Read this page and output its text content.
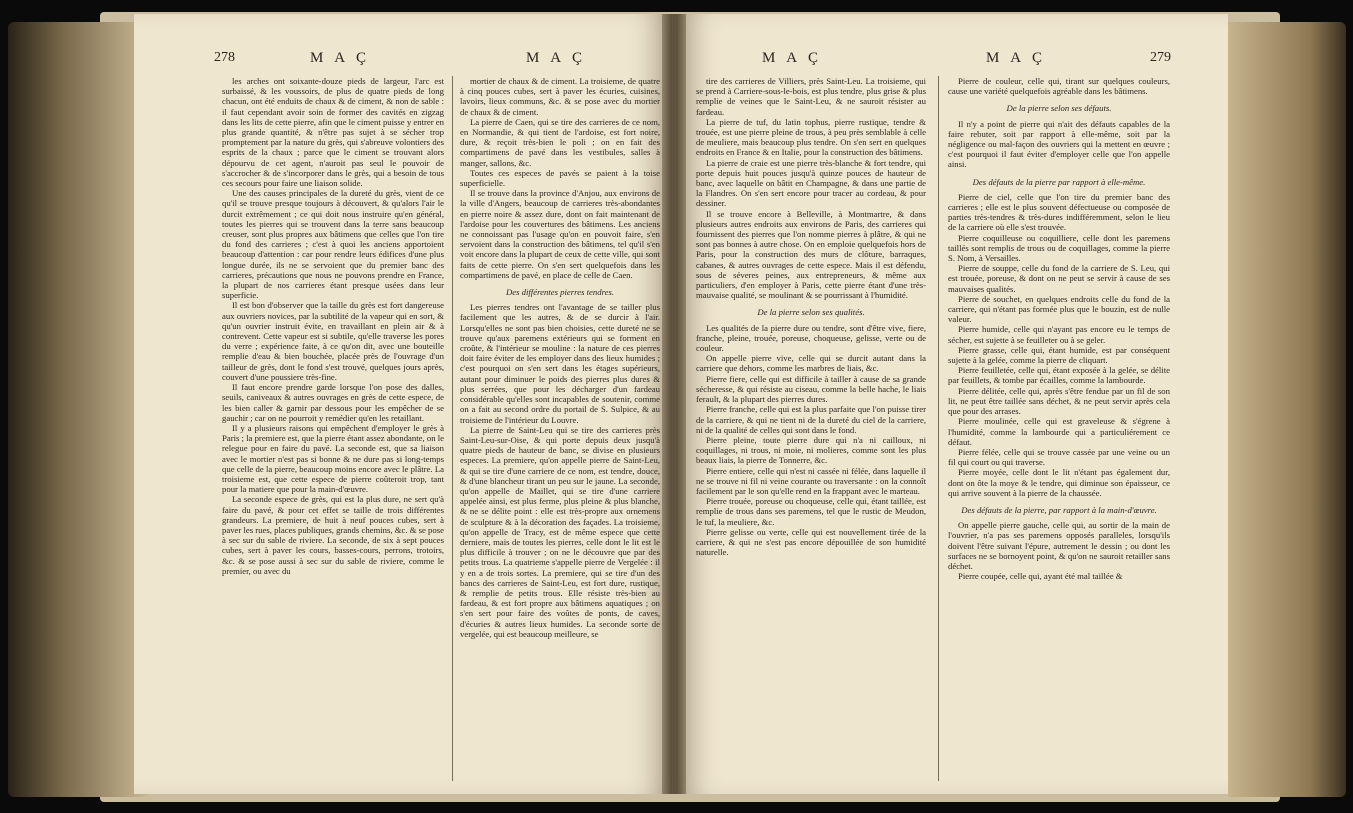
278	M A Ç	M A Ç

les arches ont soixante-douze pieds de largeur, l'arc est surbaissé, & les voussoirs, de plus de quatre pieds de long chacun, ont été enduits de chaux & de ciment, & non de sable : il faut cependant avoir soin de former des cavités en zigzag dans les lits de cette pierre, afin que le ciment puisse y entrer en plus grande quantité, & n'être pas sujet à se sécher trop promptement par la nature du grès, qui s'abreuve volontiers des esprits de la chaux ; parce que le ciment se trouvant alors dépourvu de cet agent, n'auroit pas seul le pouvoir de s'accrocher & de s'incorporer dans le grès, qui a besoin de tous ces secours pour faire une liaison solide.

Une des causes principales de la dureté du grès, vient de ce qu'il se trouve presque toujours à découvert, & qu'alors l'air le durcit extrêmement ; ce qui doit nous instruire qu'en général, toutes les pierres qui se trouvent dans la terre sans beaucoup creuser, sont plus propres aux bâtimens que celles que l'on tire du fond des carrieres ; c'est à quoi les anciens apportoient beaucoup d'attention : car pour rendre leurs édifices d'une plus longue durée, ils ne se servoient que du premier banc des carrieres, précautions que nous ne pouvons prendre en France, la plupart de nos carrieres étant presque usées dans leur superficie.

Il est bon d'observer que la taille du grès est fort dangereuse aux ouvriers novices, par la subtilité de la vapeur qui en sort, & qu'un ouvrier instruit évite, en travaillant en plein air & à contrevent. Cette vapeur est si subtile, qu'elle traverse les pores du verre ; expérience faite, à ce qu'on dit, avec une bouteille remplie d'eau & bien bouchée, placée près de l'ouvrage d'un tailleur de grès, dont le fond s'est trouvé, quelques jours après, couvert d'une poussiere très-fine.

Il faut encore prendre garde lorsque l'on pose des dalles, seuils, caniveaux & autres ouvrages en grès de cette espece, de les bien caller & garnir par dessous pour les empêcher de se gauchir ; car on ne pourroit y remédier qu'en les retaillant.

Il y a plusieurs raisons qui empêchent d'employer le grès à Paris ; la premiere est, que la pierre étant assez abondante, on le relegue pour en faire du pavé. La seconde est, que sa liaison avec le mortier n'est pas si bonne & ne dure pas si long-temps que celle de la pierre, beaucoup moins encore avec le plâtre. La troisieme est, que cette espece de pierre coûteroit trop, tant pour la matiere que pour la main-d'œuvre.

La seconde espece de grès, qui est la plus dure, ne sert qu'à faire du pavé, & pour cet effet se taille de trois différentes grandeurs. La premiere, de huit à neuf pouces cubes, sert à paver les rues, places publiques, grands chemins, &c. & se pose à sec sur du sable de riviere. La seconde, de six à sept pouces cubes, sert à paver les cours, basses-cours, perrons, trotoirs, &c. & se pose aussi à sec sur du sable de riviere, comme le premier, ou avec du

mortier de chaux & de ciment. La troisieme, de quatre à cinq pouces cubes, sert à paver les écuries, cuisines, lavoirs, lieux communs, &c. & se pose avec du mortier de chaux & de ciment.

La pierre de Caen, qui se tire des carrieres de ce nom, en Normandie, & qui tient de l'ardoise, est fort noire, dure, & reçoit très-bien le poli ; on en fait des compartimens de pavé dans les vestibules, salles à manger, sallons, &c.

Toutes ces especes de pavés se paient à la toise superficielle.

Il se trouve dans la province d'Anjou, aux environs de la ville d'Angers, beaucoup de carrieres très-abondantes en pierre noire & assez dure, dont on fait maintenant de l'ardoise pour les couvertures des bâtimens. Les anciens ne connoissant pas l'usage qu'on en pouvoit faire, s'en servoient dans la construction des bâtimens, tel qu'il s'en voit encore dans la plupart de ceux de cette ville, qui sont faits de cette pierre. On s'en sert quelquefois dans les compartimens de pavé, en place de celle de Caen.

Des différentes pierres tendres.

Les pierres tendres ont l'avantage de se tailler plus facilement que les autres, & de se durcir à l'air. Lorsqu'elles ne sont pas bien choisies, cette dureté ne se trouve qu'aux paremens extérieurs qui se forment en croûte, & l'intérieur se mouline : la nature de ces pierres doit faire éviter de les employer dans des lieux humides ; c'est pourquoi on s'en sert dans les étages supérieurs, autant pour diminuer le poids des pierres plus dures & plus serrées, que pour les décharger d'un fardeau considérable qu'elles sont incapables de soutenir, comme on a fait au second ordre du portail de S. Sulpice, & au troisieme de l'intérieur du Louvre.

La pierre de Saint-Leu qui se tire des carrieres près Saint-Leu-sur-Oise, & qui porte depuis deux jusqu'à quatre pieds de hauteur de banc, se divise en plusieurs especes. La premiere, qu'on appelle pierre de Saint-Leu, & qui se tire d'une carriere de ce nom, est tendre, douce, & d'une blancheur tirant un peu sur le jaune. La seconde, qu'on appelle de Maillet, qui se tire d'une carriere appelée ainsi, est plus ferme, plus pleine & plus blanche, & ne se délite point : elle est très-propre aux ornemens de sculpture & à la décoration des façades. La troisieme, qu'on appelle de Tracy, est de même espece que cette derniere, mais de toutes les pierres, celle dont le lit est le plus difficile à trouver ; on ne le découvre que par des petits trous. La quatrieme s'appelle pierre de Vergelée : il y en a de trois sortes. La premiere, qui se tire d'un des bancs des carrieres de Saint-Leu, est fort dure, rustique, & remplie de petits trous. Elle résiste très-bien au fardeau, & est fort propre aux bâtimens aquatiques ; on s'en sert pour faire des voûtes de ponts, de caves, d'écuries & autres lieux humides. La seconde sorte de vergelée, qui est beaucoup meilleure, se

M A Ç	M A Ç	279

tire des carrieres de Villiers, près Saint-Leu. La troisieme, qui se prend à Carriere-sous-le-bois, est plus tendre, plus grise & plus remplie de veines que le Saint-Leu, & ne sauroit résister au fardeau.

La pierre de tuf, du latin tophus, pierre rustique, tendre & trouée, est une pierre pleine de trous, à peu près semblable à celle de meuliere, mais beaucoup plus tendre. On s'en sert en quelques endroits en France & en Italie, pour la construction des bâtimens.

La pierre de craie est une pierre très-blanche & fort tendre, qui porte depuis huit pouces jusqu'à quinze pouces de hauteur de banc, avec laquelle on bâtit en Champagne, & dans une partie de la Flandres. On s'en sert encore pour tracer au cordeau, & pour dessiner.

Il se trouve encore à Belleville, à Montmartre, & dans plusieurs autres endroits aux environs de Paris, des carrieres qui fournissent des pierres que l'on nomme pierres à plâtre, & qui ne sont pas bonnes à autre chose. On en emploie quelquefois hors de Paris, pour la construction des murs de clôture, barraques, cabanes, & autres ouvrages de cette espece. Mais il est défendu, sous de séveres peines, aux entrepreneurs, & même aux particuliers, d'en employer à Paris, cette pierre étant d'une très-mauvaise qualité, se moulinant & se pourrissant à l'humidité.

De la pierre selon ses qualités.

Les qualités de la pierre dure ou tendre, sont d'être vive, fiere, franche, pleine, trouée, poreuse, choqueuse, gelisse, verte ou de couleur.

On appelle pierre vive, celle qui se durcit autant dans la carriere que dehors, comme les marbres de liais, &c.

Pierre fiere, celle qui est difficile à tailler à cause de sa grande sécheresse, & qui résiste au ciseau, comme la belle hache, le liais ferault, & la plupart des pierres dures.

Pierre franche, celle qui est la plus parfaite que l'on puisse tirer de la carriere, & qui ne tient ni de la dureté du ciel de la carriere, ni de la qualité de celles qui sont dans le fond.

Pierre pleine, toute pierre dure qui n'a ni cailloux, ni coquillages, ni trous, ni moie, ni molieres, comme sont les plus beaux liais, la pierre de Tonnerre, &c.

Pierre entiere, celle qui n'est ni cassée ni félée, dans laquelle il ne se trouve ni fil ni veine courante ou traversante : on la connoît facilement par le son qu'elle rend en la frappant avec le marteau.

Pierre trouée, poreuse ou choqueuse, celle qui, étant taillée, est remplie de trous dans ses paremens, tel que le rustic de Meudon, le tuf, la meuliere, &c.

Pierre gelisse ou verte, celle qui est nouvellement tirée de la carriere, & qui ne s'est pas encore dépouillée de son humidité naturelle.

Pierre de couleur, celle qui, tirant sur quelques couleurs, cause une variété quelquefois agréable dans les bâtimens.

De la pierre selon ses défauts.

Il n'y a point de pierre qui n'ait des défauts capables de la faire rebuter, soit par rapport à elle-même, soit par la négligence ou mal-façon des ouvriers qui la mettent en œuvre ; c'est pourquoi il faut éviter d'employer celle que l'on appelle ainsi.

Des défauts de la pierre par rapport à elle-même.

Pierre de ciel, celle que l'on tire du premier banc des carrieres ; elle est le plus souvent défectueuse ou composée de parties très-tendres & très-dures indifféremment, selon le lieu de la carriere où elle s'est trouvée.

Pierre coquilleuse ou coquilliere, celle dont les paremens taillés sont remplis de trous ou de coquillages, comme la pierre S. Nom, à Versailles.

Pierre de souppe, celle du fond de la carriere de S. Leu, qui est trouée, poreuse, & dont on ne peut se servir à cause de ses mauvaises qualités.

Pierre de souchet, en quelques endroits celle du fond de la carriere, qui n'étant pas formée plus que le bouzin, est de nulle valeur.

Pierre humide, celle qui n'ayant pas encore eu le temps de sécher, est sujette à se feuilleter ou à se geler.

Pierre grasse, celle qui, étant humide, est par conséquent sujette à la gelée, comme la pierre de cliquart.

Pierre feuilletée, celle qui, étant exposée à la gelée, se délite par feuillets, & tombe par écailles, comme la lambourde.

Pierre délitée, celle qui, après s'être fendue par un fil de son lit, ne peut être taillée sans déchet, & ne peut servir après cela que pour des arrases.

Pierre moulinée, celle qui est graveleuse & s'égrene à l'humidité, comme la lambourde qui a particuliérement ce défaut.

Pierre félée, celle qui se trouve cassée par une veine ou un fil qui court ou qui traverse.

Pierre moyée, celle dont le lit n'étant pas également dur, dont on ôte la moye & le tendre, qui diminue son épaisseur, ce qui arrive souvent à la pierre de la chaussée.

Des défauts de la pierre, par rapport à la main-d'œuvre.

On appelle pierre gauche, celle qui, au sortir de la main de l'ouvrier, n'a pas ses paremens opposés paralleles, lorsqu'ils doivent l'être suivant l'épure, autrement le dessin ; ou dont les surfaces ne se bornoyent point, & qu'on ne sauroit retailler sans déchet.

Pierre coupée, celle qui, ayant été mal taillée &
